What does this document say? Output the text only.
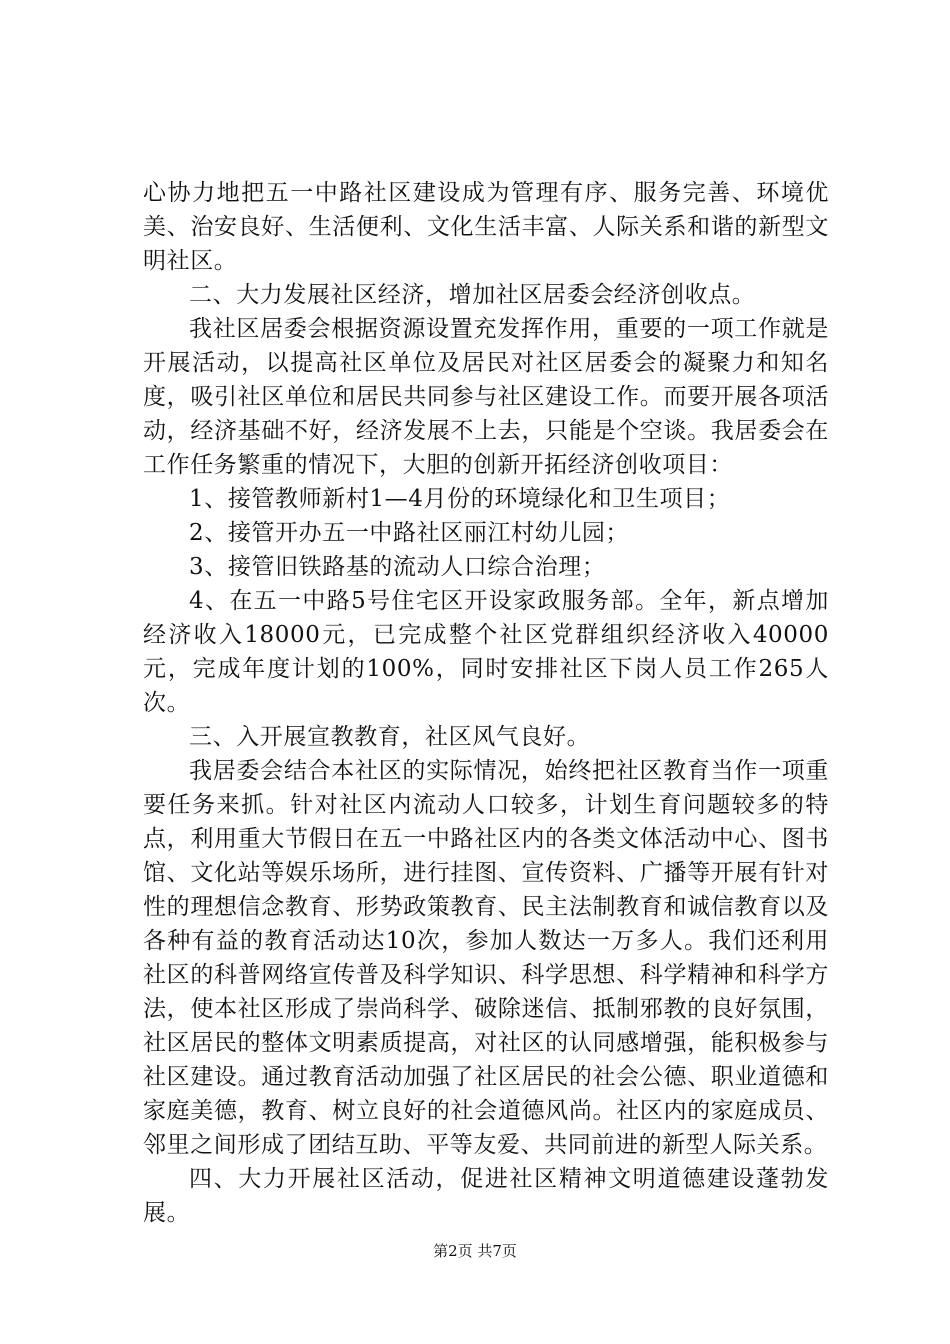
心协力地把五一中路社区建设成为管理有序、服务完善、环境优美、治安良好、生活便利、文化生活丰富、人际关系和谐的新型文明社区。

二、大力发展社区经济，增加社区居委会经济创收点。

我社区居委会根据资源设置充发挥作用，重要的一项工作就是开展活动，以提高社区单位及居民对社区居委会的凝聚力和知名度，吸引社区单位和居民共同参与社区建设工作。而要开展各项活动，经济基础不好，经济发展不上去，只能是个空谈。我居委会在工作任务繁重的情况下，大胆的创新开拓经济创收项目：

1、接管教师新村1—4月份的环境绿化和卫生项目；

2、接管开办五一中路社区丽江村幼儿园；

3、接管旧铁路基的流动人口综合治理；

4、在五一中路5号住宅区开设家政服务部。全年，新点增加经济收入18000元，已完成整个社区党群组织经济收入40000元，完成年度计划的100%，同时安排社区下岗人员工作265人次。

三、入开展宣教教育，社区风气良好。

我居委会结合本社区的实际情况，始终把社区教育当作一项重要任务来抓。针对社区内流动人口较多，计划生育问题较多的特点，利用重大节假日在五一中路社区内的各类文体活动中心、图书馆、文化站等娱乐场所，进行挂图、宣传资料、广播等开展有针对性的理想信念教育、形势政策教育、民主法制教育和诚信教育以及各种有益的教育活动达10次，参加人数达一万多人。我们还利用社区的科普网络宣传普及科学知识、科学思想、科学精神和科学方法，使本社区形成了崇尚科学、破除迷信、抵制邪教的良好氛围，社区居民的整体文明素质提高，对社区的认同感增强，能积极参与社区建设。通过教育活动加强了社区居民的社会公德、职业道德和家庭美德，教育、树立良好的社会道德风尚。社区内的家庭成员、邻里之间形成了团结互助、平等友爱、共同前进的新型人际关系。

四、大力开展社区活动，促进社区精神文明道德建设蓬勃发展。

第2页 共7页
